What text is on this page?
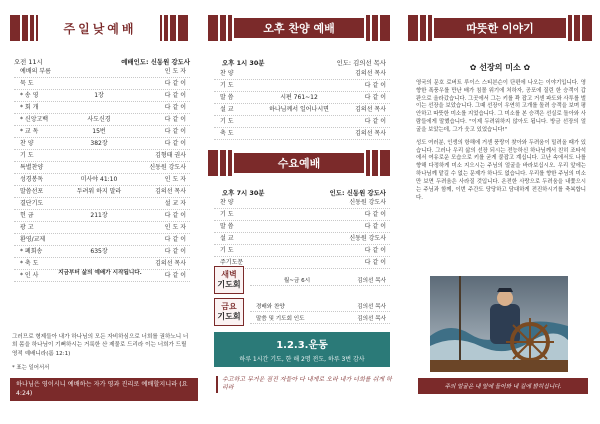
주일낮예배
오전 11시	예배인도: 신동원 강도사
예배의 부름	인 도 자
묵 도	다 같 이
* 송 영	1장	다 같 이
* 회 개	다 같 이
* 신앙고백	사도신경	다 같 이
* 교 독	15번	다 같 이
찬 양	382장	다 같 이
기 도	김형태 권사
특별찬양	신동원 강도사
성경봉독	미사야 41:10	인 도 자
말씀선포	두려워 하지 말라	김의선 목사
결단기도	설 교 자
헌 금	211장	다 같 이
광 고	인 도 자
환영/교제	다 같 이
* 폐회송	635장	다 같 이
* 축 도	김의선 목사
* 인 사	다 같 이
지금부터 삶의 예배가 시작됩니다.
그러므로 형제들아 내가 하나님의 모든 자비하심으로 너희를 권하노니 너희 몸을 하나님이 기뻐하시는 거룩한 산 제물로 드리라 이는 너희가 드릴 영적 예배니라(롬 12:1)
* 표는 일어서서
하나님은 영이시니 예배하는 자가 영과 진리로 예배할지니라 (요4:24)
오후 찬양 예배
오후 1시 30분	인도: 김의선 목사
찬 양	김의선 목사
기 도	다 같 이
말 씀	시편 761~12	다 같 이
설 교	하나님께서 일어나시면	김의선 목사
기 도	다 같 이
축 도	김의선 목사
수요예배
오후 7시 30분	인도: 신동원 강도사
찬 양	신동원 강도사
기 도	다 같 이
말 씀	다 같 이
설 교	신동원 강도사
기 도	다 같 이
주기도문	다 같 이
새벽
기도회	월~금 6시	김의선 목사
금요
기도회
경배와 찬양	김의선 목사
말씀 및 기도회 인도	김의선 목사
1.2.3.운동
하루 1시간 기도, 한 해 2명 전도, 하루 3번 감사
수고하고 무거운 짐진 자들아 다 내게로 오라 내가 너희를 쉬게 하리라
따뜻한 이야기
✿ 선장의 미소 ✿

영국의 문호 로버트 루이스 스티븐슨이 단편에 나오는 이야기입니다. 영향한 폭풍우를 만난 배가 침몰 위기에 처하자, 공포에 질린 한 승객이 갑판으로 올라갔습니다. 그곳에서 그는 키를 꽉 잡고 거센 파도와 사투를 벌이는 선장을 보았습니다. 그때 선장이 우연히 고개를 돌려 승객을 보며 평안하고 따뜻한 미소를 지었습니다. 그 미소를 본 승객은 선실로 돌아와 사람들에게 말했습니다. "이제 두려워하지 않아도 됩니다. 방금 선장의 얼굴을 보았는데, 그가 웃고 있었습니다!"

성도 여러분, 인생의 항해에 거센 풍랑이 찾아와 두려움이 밀려올 때가 있습니다. 그러나 우리 삶의 선장 되시는 전능하신 하나님께서 친히 조타석에서 여유로운 모습으로 키를 굳게 붙잡고 계십니다. 고난 속에서도 나를 향해 다정하게 미소 지으시는 주님의 얼굴을 바라보십시오. 우리 앞에는 하나님께 맡길 수 없는 문제가 하나도 없습니다. 우리를 향한 주님의 미소만 보면 두려움은 사라질 것입니다. 온전한 사랑으로 두려움을 내쫓으시는 주님과 함께, 이번 주간도 당당하고 담대하게 전진하시기를 축복합니다.

주의 얼굴은 내 앞에 들어와 내 길에 밝히십니다.
